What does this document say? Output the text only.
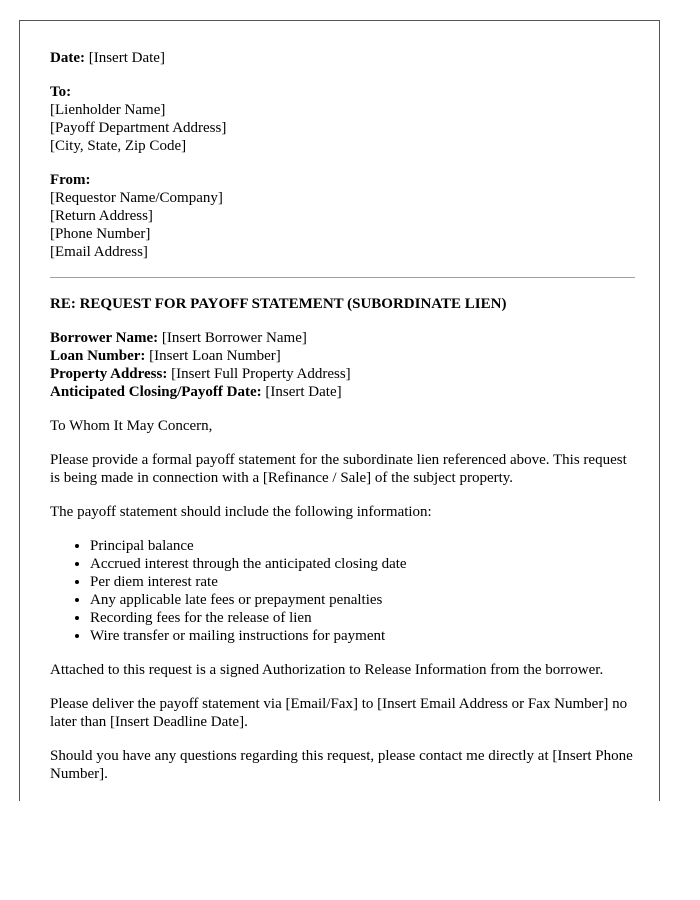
Date: [Insert Date]
To:
[Lienholder Name]
[Payoff Department Address]
[City, State, Zip Code]
From:
[Requestor Name/Company]
[Return Address]
[Phone Number]
[Email Address]
RE: REQUEST FOR PAYOFF STATEMENT (SUBORDINATE LIEN)
Borrower Name: [Insert Borrower Name]
Loan Number: [Insert Loan Number]
Property Address: [Insert Full Property Address]
Anticipated Closing/Payoff Date: [Insert Date]

To Whom It May Concern,

Please provide a formal payoff statement for the subordinate lien referenced above. This request is being made in connection with a [Refinance / Sale] of the subject property.

The payoff statement should include the following information:

• Principal balance
• Accrued interest through the anticipated closing date
• Per diem interest rate
• Any applicable late fees or prepayment penalties
• Recording fees for the release of lien
• Wire transfer or mailing instructions for payment

Attached to this request is a signed Authorization to Release Information from the borrower.

Please deliver the payoff statement via [Email/Fax] to [Insert Email Address or Fax Number] no later than [Insert Deadline Date].

Should you have any questions regarding this request, please contact me directly at [Insert Phone Number].
